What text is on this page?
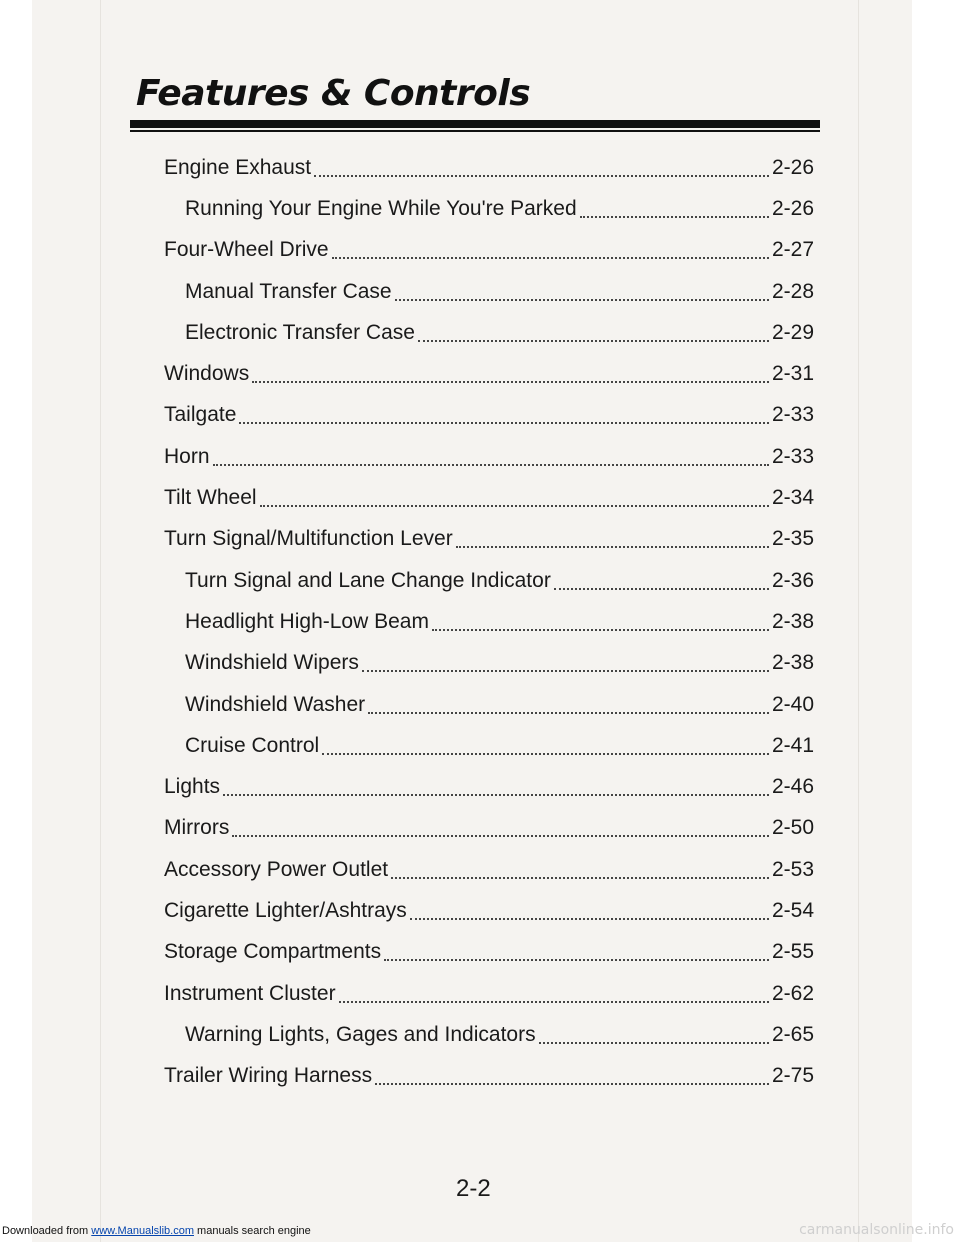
Features & Controls
Engine Exhaust	2-26
Running Your Engine While You're Parked	2-26
Four-Wheel Drive	2-27
Manual Transfer Case	2-28
Electronic Transfer Case	2-29
Windows	2-31
Tailgate	2-33
Horn	2-33
Tilt Wheel	2-34
Turn Signal/Multifunction Lever	2-35
Turn Signal and Lane Change Indicator	2-36
Headlight High-Low Beam	2-38
Windshield Wipers	2-38
Windshield Washer	2-40
Cruise Control	2-41
Lights	2-46
Mirrors	2-50
Accessory Power Outlet	2-53
Cigarette Lighter/Ashtrays	2-54
Storage Compartments	2-55
Instrument Cluster	2-62
Warning Lights, Gages and Indicators	2-65
Trailer Wiring Harness	2-75

2-2

Downloaded from www.Manualslib.com manuals search engine	carmanualsonline.info
